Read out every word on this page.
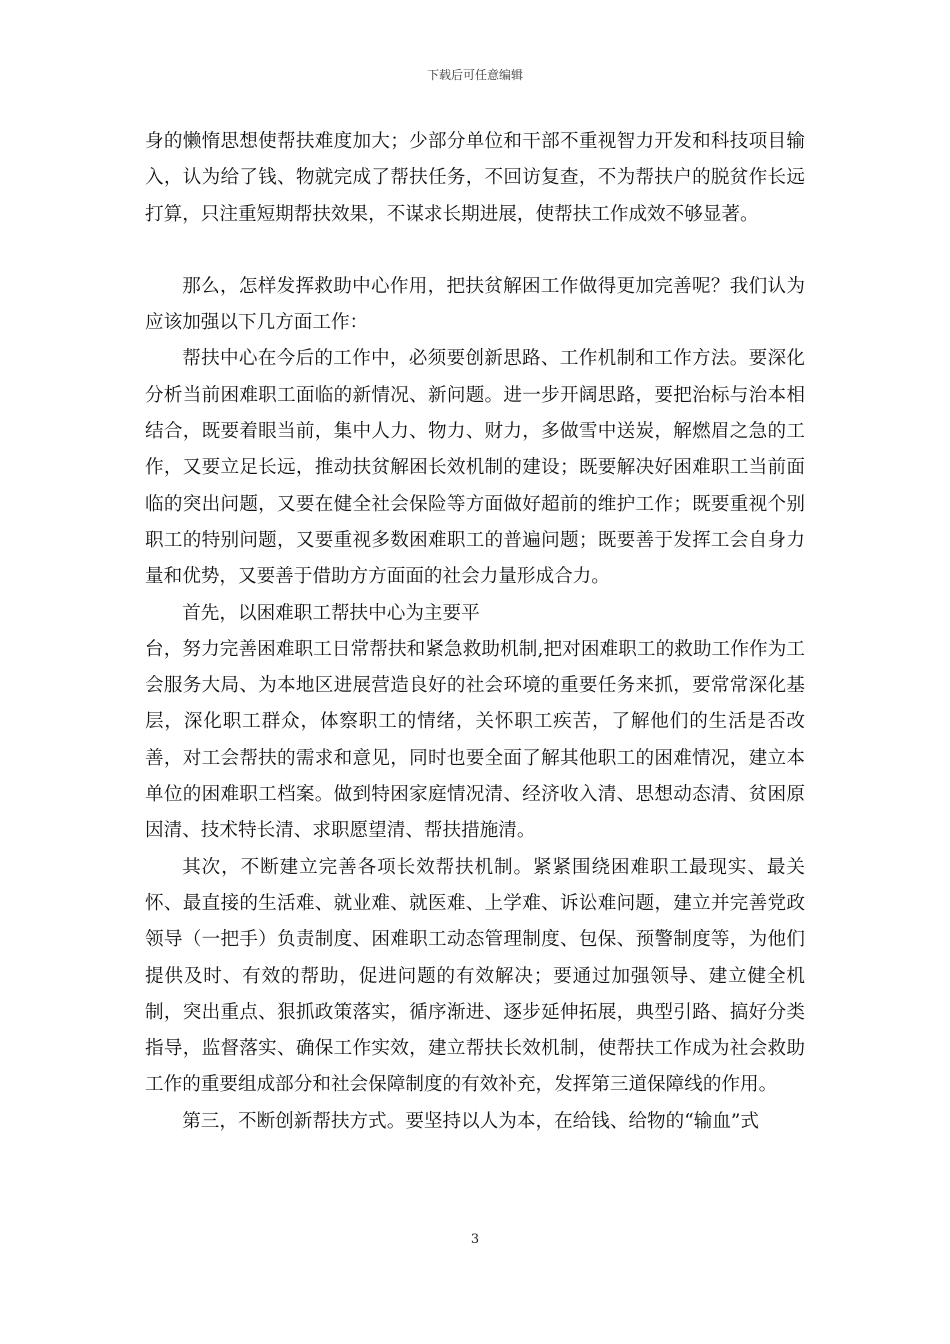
下载后可任意编辑

身的懒惰思想使帮扶难度加大；少部分单位和干部不重视智力开发和科技项目输入，认为给了钱、物就完成了帮扶任务，不回访复查，不为帮扶户的脱贫作长远打算，只注重短期帮扶效果，不谋求长期进展，使帮扶工作成效不够显著。

那么，怎样发挥救助中心作用，把扶贫解困工作做得更加完善呢？我们认为应该加强以下几方面工作：

帮扶中心在今后的工作中，必须要创新思路、工作机制和工作方法。要深化分析当前困难职工面临的新情况、新问题。进一步开阔思路，要把治标与治本相结合，既要着眼当前，集中人力、物力、财力，多做雪中送炭，解燃眉之急的工作，又要立足长远，推动扶贫解困长效机制的建设；既要解决好困难职工当前面临的突出问题，又要在健全社会保险等方面做好超前的维护工作；既要重视个别职工的特别问题，又要重视多数困难职工的普遍问题；既要善于发挥工会自身力量和优势，又要善于借助方方面面的社会力量形成合力。

首先，以困难职工帮扶中心为主要平

台，努力完善困难职工日常帮扶和紧急救助机制,把对困难职工的救助工作作为工会服务大局、为本地区进展营造良好的社会环境的重要任务来抓，要常常深化基层，深化职工群众，体察职工的情绪，关怀职工疾苦，了解他们的生活是否改善，对工会帮扶的需求和意见，同时也要全面了解其他职工的困难情况，建立本单位的困难职工档案。做到特困家庭情况清、经济收入清、思想动态清、贫困原因清、技术特长清、求职愿望清、帮扶措施清。

其次，不断建立完善各项长效帮扶机制。紧紧围绕困难职工最现实、最关怀、最直接的生活难、就业难、就医难、上学难、诉讼难问题，建立并完善党政领导（一把手）负责制度、困难职工动态管理制度、包保、预警制度等，为他们提供及时、有效的帮助，促进问题的有效解决；要通过加强领导、建立健全机制，突出重点、狠抓政策落实，循序渐进、逐步延伸拓展，典型引路、搞好分类指导，监督落实、确保工作实效，建立帮扶长效机制，使帮扶工作成为社会救助工作的重要组成部分和社会保障制度的有效补充，发挥第三道保障线的作用。

第三，不断创新帮扶方式。要坚持以人为本，在给钱、给物的“输血”式

3
